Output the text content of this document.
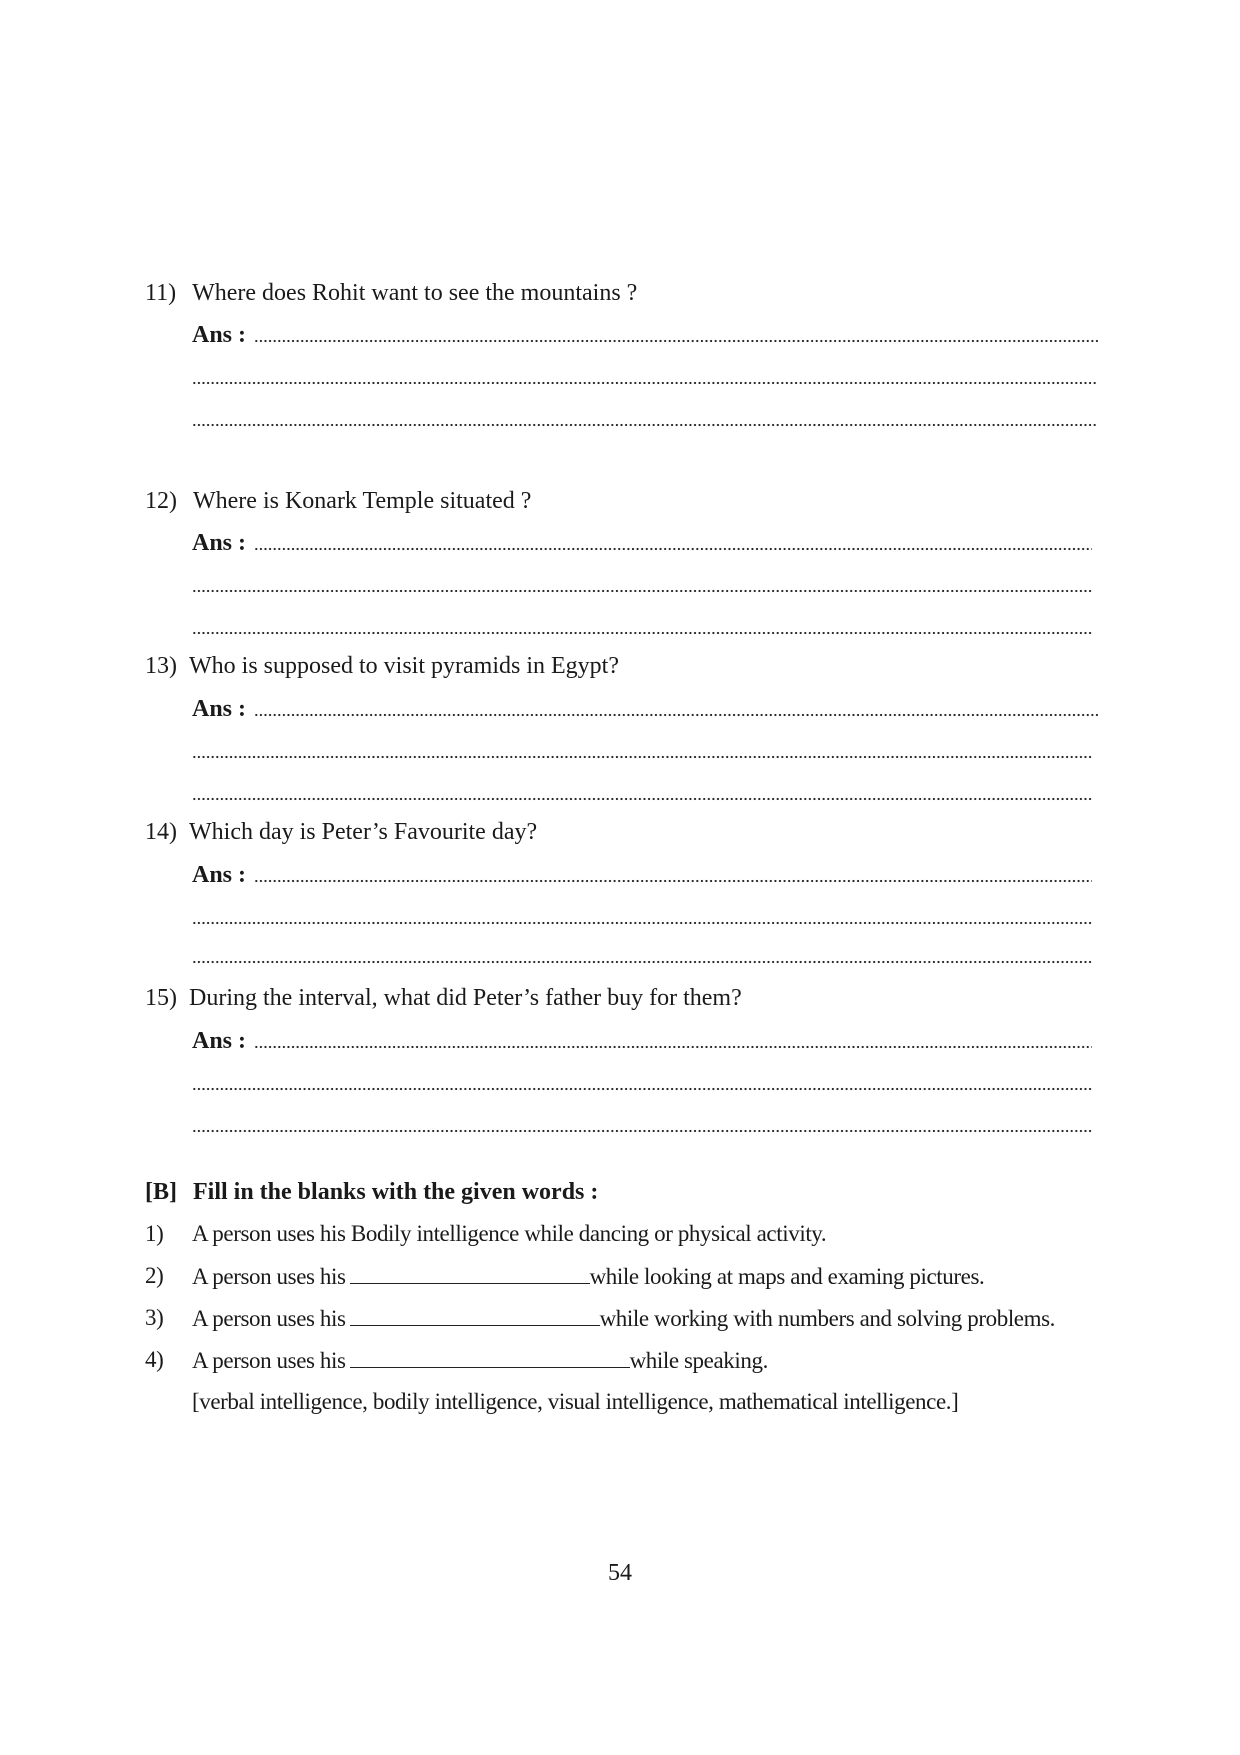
11) Where does Rohit want to see the mountains ?
Ans :
12) Where is Konark Temple situated ?
Ans :
13) Who is supposed to visit pyramids in Egypt?
Ans :
14) Which day is Peter’s Favourite day?
Ans :
15) During the interval, what did Peter’s father buy for them?
Ans :
[B] Fill in the blanks with the given words :
1) A person uses his Bodily intelligence while dancing or physical activity.
2) A person uses his	while looking at maps and examing pictures.
3) A person uses his	while working with numbers and solving problems.
4) A person uses his	while speaking.
[verbal intelligence, bodily intelligence, visual intelligence, mathematical intelligence.]
54
